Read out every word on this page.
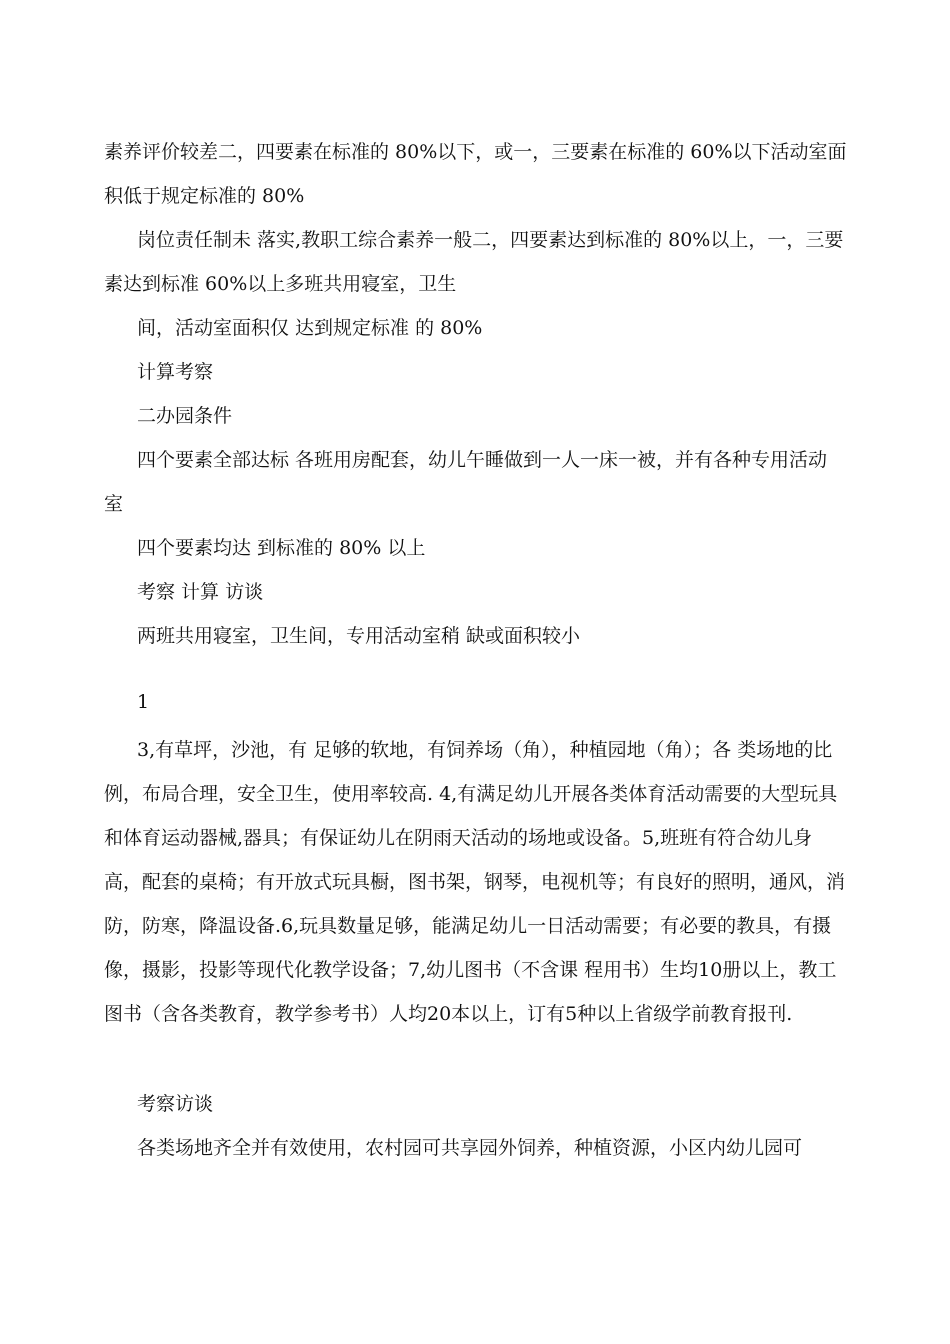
素养评价较差二，四要素在标准的 80%以下，或一，三要素在标准的 60%以下活动室面积低于规定标准的 80%

岗位责任制未 落实,教职工综合素养一般二，四要素达到标准的 80%以上，一，三要素达到标准 60%以上多班共用寝室，卫生

间，活动室面积仅 达到规定标准 的 80%

计算考察

二办园条件

四个要素全部达标 各班用房配套，幼儿午睡做到一人一床一被，并有各种专用活动 室

四个要素均达 到标准的 80% 以上

考察 计算 访谈

两班共用寝室，卫生间，专用活动室稍 缺或面积较小

1

3,有草坪，沙池，有 足够的软地，有饲养场（角），种植园地（角）；各 类场地的比例，布局合理，安全卫生，使用率较高. 4,有满足幼儿开展各类体育活动需要的大型玩具和体育运动器械,器具；有保证幼儿在阴雨天活动的场地或设备。5,班班有符合幼儿身高，配套的桌椅；有开放式玩具橱，图书架，钢琴，电视机等；有良好的照明，通风，消防，防寒，降温设备.6,玩具数量足够，能满足幼儿一日活动需要；有必要的教具，有摄像，摄影，投影等现代化教学设备；7,幼儿图书（不含课 程用书）生均10册以上，教工图书（含各类教育，教学参考书）人均20本以上，订有5种以上省级学前教育报刊.

考察访谈

各类场地齐全并有效使用，农村园可共享园外饲养，种植资源，小区内幼儿园可
